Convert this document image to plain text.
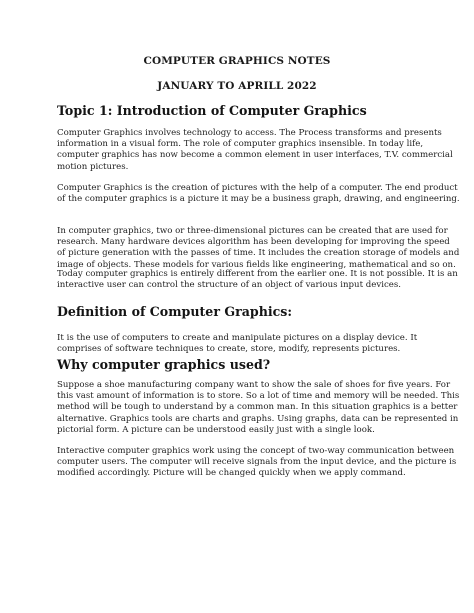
COMPUTER GRAPHICS NOTES
JANUARY TO APRILL 2022
Topic 1: Introduction of Computer Graphics
Computer Graphics involves technology to access. The Process transforms and presents
information in a visual form. The role of computer graphics insensible. In today life,
computer graphics has now become a common element in user interfaces, T.V. commercial
motion pictures.
Computer Graphics is the creation of pictures with the help of a computer. The end product
of the computer graphics is a picture it may be a business graph, drawing, and engineering.
In computer graphics, two or three-dimensional pictures can be created that are used for
research. Many hardware devices algorithm has been developing for improving the speed
of picture generation with the passes of time. It includes the creation storage of models and
image of objects. These models for various fields like engineering, mathematical and so on.
Today computer graphics is entirely different from the earlier one. It is not possible. It is an
interactive user can control the structure of an object of various input devices.
Definition of Computer Graphics:
It is the use of computers to create and manipulate pictures on a display device. It
comprises of software techniques to create, store, modify, represents pictures.
Why computer graphics used?
Suppose a shoe manufacturing company want to show the sale of shoes for five years. For
this vast amount of information is to store. So a lot of time and memory will be needed. This
method will be tough to understand by a common man. In this situation graphics is a better
alternative. Graphics tools are charts and graphs. Using graphs, data can be represented in
pictorial form. A picture can be understood easily just with a single look.
Interactive computer graphics work using the concept of two-way communication between
computer users. The computer will receive signals from the input device, and the picture is
modified accordingly. Picture will be changed quickly when we apply command.
